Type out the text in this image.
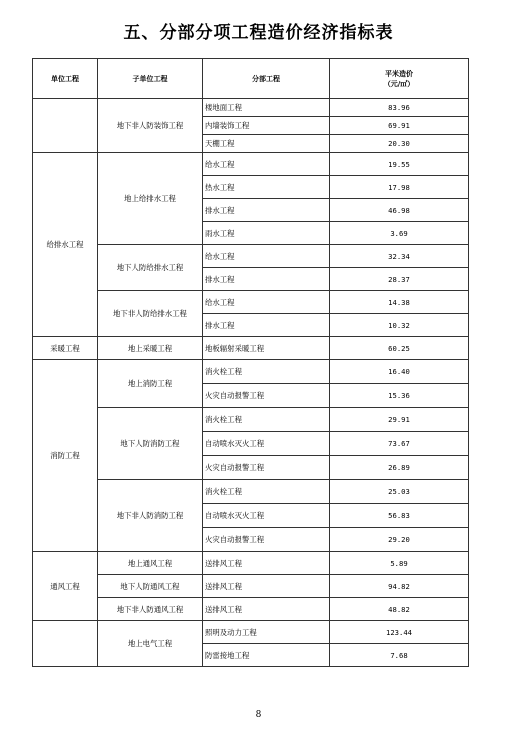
五、分部分项工程造价经济指标表
单位工程	子单位工程	分部工程	平米造价
（元/㎡）

	地下非人防装饰工程	楼地面工程	83.96
		内墙装饰工程	69.91
		天棚工程	20.30
给排水工程	地上给排水工程	给水工程	19.55
		热水工程	17.98
		排水工程	46.98
		雨水工程	3.69
	地下人防给排水工程	给水工程	32.34
		排水工程	28.37
	地下非人防给排水工程	给水工程	14.38
		排水工程	10.32
采暖工程	地上采暖工程	地板辐射采暖工程	60.25
消防工程	地上消防工程	消火栓工程	16.40
		火灾自动报警工程	15.36
	地下人防消防工程	消火栓工程	29.91
		自动喷水灭火工程	73.67
		火灾自动报警工程	26.89
	地下非人防消防工程	消火栓工程	25.03
		自动喷水灭火工程	56.83
		火灾自动报警工程	29.20
通风工程	地上通风工程	送排风工程	5.89
	地下人防通风工程	送排风工程	94.82
	地下非人防通风工程	送排风工程	48.82
	地上电气工程	照明及动力工程	123.44
		防雷接地工程	7.68
8
